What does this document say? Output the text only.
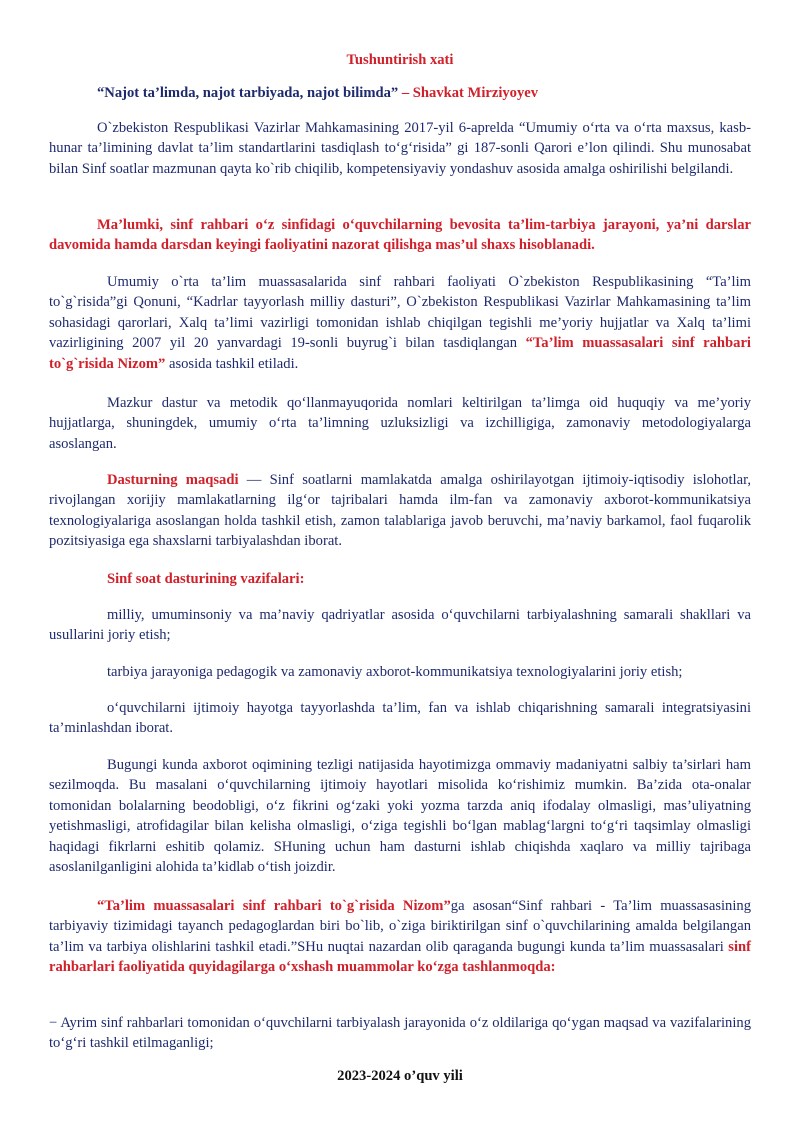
Tushuntirish xati
“Najot ta’limda, najot tarbiyada, najot bilimda” – Shavkat Mirziyoyev

O`zbekiston Respublikasi Vazirlar Mahkamasining 2017-yil 6-aprelda “Umumiy o‘rta va o‘rta maxsus, kasb-hunar ta’limining davlat ta’lim standartlarini tasdiqlash to‘g‘risida” gi 187-sonli Qarori e’lon qilindi. Shu munosabat bilan Sinf soatlar mazmunan qayta ko`rib chiqilib, kompetensiyaviy yondashuv asosida amalga oshirilishi belgilandi.

Ma’lumki, sinf rahbari o‘z sinfidagi o‘quvchilarning bevosita ta’lim-tarbiya jarayoni, ya’ni darslar davomida hamda darsdan keyingi faoliyatini nazorat qilishga mas’ul shaxs hisoblanadi.

Umumiy o`rta ta’lim muassasalarida sinf rahbari faoliyati O`zbekiston Respublikasining “Ta’lim to`g`risida”gi Qonuni, “Kadrlar tayyorlash milliy dasturi”, O`zbekiston Respublikasi Vazirlar Mahkamasining ta’lim sohasidagi qarorlari, Xalq ta’limi vazirligi tomonidan ishlab chiqilgan tegishli me’yoriy hujjatlar va Xalq ta’limi vazirligining 2007 yil 20 yanvardagi 19-sonli buyrug`i bilan tasdiqlangan “Ta’lim muassasalari sinf rahbari to`g`risida Nizom” asosida tashkil etiladi.

Mazkur dastur va metodik qo‘llanmayuqorida nomlari keltirilgan ta’limga oid huquqiy va me’yoriy hujjatlarga, shuningdek, umumiy o‘rta ta’limning uzluksizligi va izchilligiga, zamonaviy metodologiyalarga asoslangan.

Dasturning maqsadi — Sinf soatlarni mamlakatda amalga oshirilayotgan ijtimoiy-iqtisodiy islohotlar, rivojlangan xorijiy mamlakatlarning ilg‘or tajribalari hamda ilm-fan va zamonaviy axborot-kommunikatsiya texnologiyalariga asoslangan holda tashkil etish, zamon talablariga javob beruvchi, ma’naviy barkamol, faol fuqarolik pozitsiyasiga ega shaxslarni tarbiyalashdan iborat.

Sinf soat dasturining vazifalari:

milliy, umuminsoniy va ma’naviy qadriyatlar asosida o‘quvchilarni tarbiyalashning samarali shakllari va usullarini joriy etish;

tarbiya jarayoniga pedagogik va zamonaviy axborot-kommunikatsiya texnologiyalarini joriy etish;

o‘quvchilarni ijtimoiy hayotga tayyorlashda ta’lim, fan va ishlab chiqarishning samarali integratsiyasini ta’minlashdan iborat.

Bugungi kunda axborot oqimining tezligi natijasida hayotimizga ommaviy madaniyatni salbiy ta’sirlari ham sezilmoqda. Bu masalani o‘quvchilarning ijtimoiy hayotlari misolida ko‘rishimiz mumkin. Ba’zida ota-onalar tomonidan bolalarning beodobligi, o‘z fikrini og‘zaki yoki yozma tarzda aniq ifodalay olmasligi, mas’uliyatning yetishmasligi, atrofidagilar bilan kelisha olmasligi, o‘ziga tegishli bo‘lgan mablag‘largni to‘g‘ri taqsimlay olmasligi haqidagi fikrlarni eshitib qolamiz. SHuning uchun ham dasturni ishlab chiqishda xaqlaro va milliy tajribaga asoslanilganligini alohida ta’kidlab o‘tish joizdir.

“Ta’lim muassasalari sinf rahbari to`g`risida Nizom”ga asosan“Sinf rahbari - Ta’lim muassasasining tarbiyaviy tizimidagi tayanch pedagoglardan biri bo`lib, o`ziga biriktirilgan sinf o`quvchilarining amalda belgilangan ta’lim va tarbiya olishlarini tashkil etadi.”SHu nuqtai nazardan olib qaraganda bugungi kunda ta’lim muassasalari sinf rahbarlari faoliyatida quyidagilarga o‘xshash muammolar ko‘zga tashlanmoqda:

− Ayrim sinf rahbarlari tomonidan o‘quvchilarni tarbiyalash jarayonida o‘z oldilariga qo‘ygan maqsad va vazifalarining to‘g‘ri tashkil etilmaganligi;

2023-2024 o’quv yili
